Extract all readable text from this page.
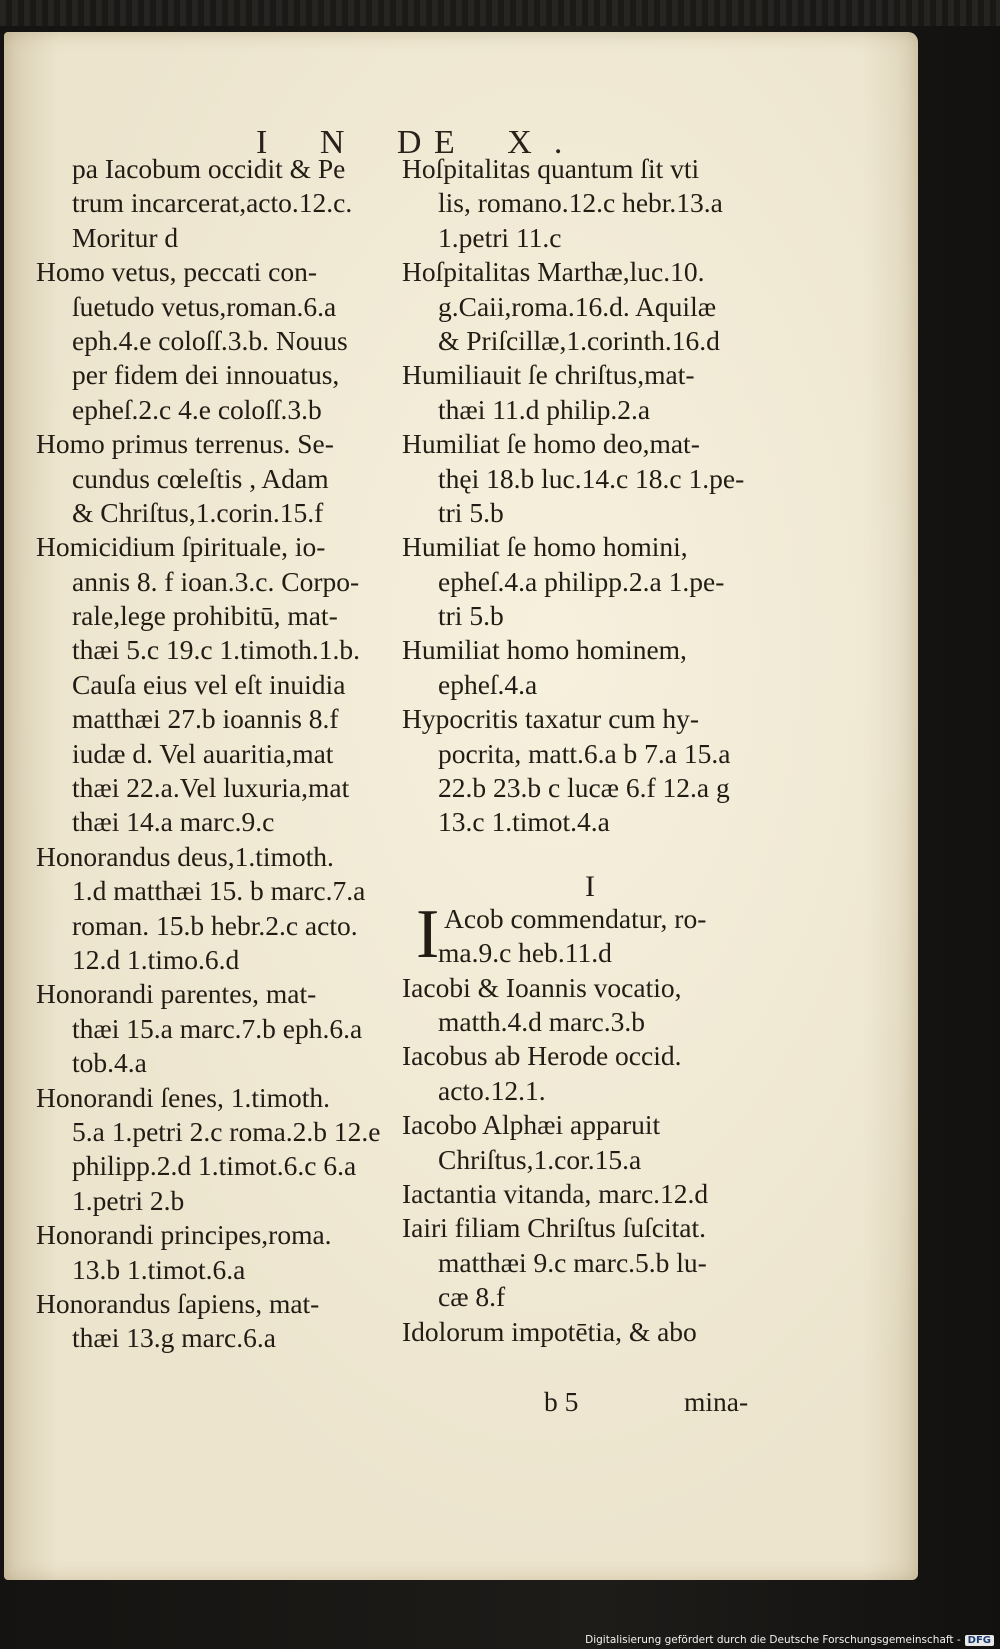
I N D
E X.
pa Iacobum occidit & Pe
trum incarcerat,acto.12.c.
Moritur d
Homo vetus, peccati con-
ſuetudo vetus,roman.6.a
eph.4.e coloſſ.3.b. Nouus
per fidem dei innouatus,
epheſ.2.c 4.e coloſſ.3.b
Homo primus terrenus. Se-
cundus cœleſtis , Adam
& Chriſtus,1.corin.15.f
Homicidium ſpirituale, io-
annis 8. f ioan.3.c. Corpo-
rale,lege prohibitū, mat-
thæi 5.c 19.c 1.timoth.1.b.
Cauſa eius vel eſt inuidia
matthæi 27.b ioannis 8.f
iudæ d. Vel auaritia,mat
thæi 22.a.Vel luxuria,mat
thæi 14.a marc.9.c
Honorandus deus,1.timoth.
1.d matthæi 15. b marc.7.a
roman. 15.b hebr.2.c acto.
12.d 1.timo.6.d
Honorandi parentes, mat-
thæi 15.a marc.7.b eph.6.a
tob.4.a
Honorandi ſenes, 1.timoth.
5.a 1.petri 2.c roma.2.b 12.e
philipp.2.d 1.timot.6.c 6.a
1.petri 2.b
Honorandi principes,roma.
13.b 1.timot.6.a
Honorandus ſapiens, mat-
thæi 13.g marc.6.a
Hoſpitalitas quantum ſit vti
lis, romano.12.c hebr.13.a
1.petri 11.c
Hoſpitalitas Marthæ,luc.10.
g.Caii,roma.16.d. Aquilæ
& Priſcillæ,1.corinth.16.d
Humiliauit ſe chriſtus,mat-
thæi 11.d philip.2.a
Humiliat ſe homo deo,mat-
thęi 18.b luc.14.c 18.c 1.pe-
tri 5.b
Humiliat ſe homo homini,
epheſ.4.a philipp.2.a 1.pe-
tri 5.b
Humiliat homo hominem,
epheſ.4.a
Hypocritis taxatur cum hy-
pocrita, matt.6.a b 7.a 15.a
22.b 23.b c lucæ 6.f 12.a g
13.c 1.timot.4.a
I
I Acob commendatur, ro-
ma.9.c heb.11.d
Iacobi & Ioannis vocatio,
matth.4.d marc.3.b
Iacobus ab Herode occid.
acto.12.1.
Iacobo Alphæi apparuit
Chriſtus,1.cor.15.a
Iactantia vitanda, marc.12.d
Iairi filiam Chriſtus ſuſcitat.
matthæi 9.c marc.5.b lu-
cæ 8.f
Idolorum impotētia, & abo
b 5	mina-
Digitalisierung gefördert durch die Deutsche Forschungsgemeinschaft - DFG
